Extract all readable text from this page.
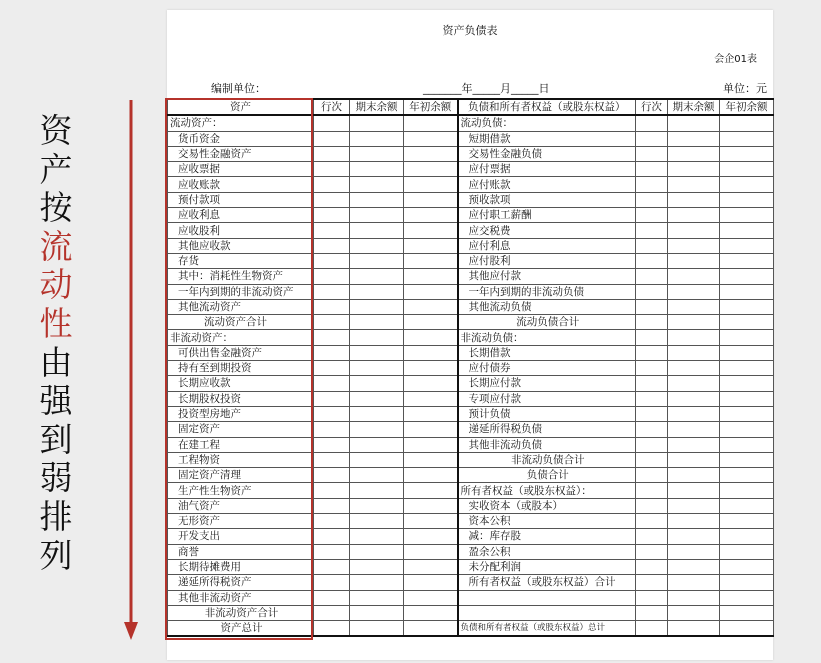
资
产
按
流
动
性
由
强
到
弱
排
列
资产负债表
会企01表
编制单位：	_______年_____月_____日	单位：元
资产	行次	期末余额	年初余额	负债和所有者权益（或股东权益）	行次	期末余额	年初余额
流动资产：				流动负债：			
货币资金				短期借款			
交易性金融资产				交易性金融负债			
应收票据				应付票据			
应收账款				应付账款			
预付款项				预收款项			
应收利息				应付职工薪酬			
应收股利				应交税费			
其他应收款				应付利息			
存货				应付股利			
其中：消耗性生物资产				其他应付款			
一年内到期的非流动资产				一年内到期的非流动负债			
其他流动资产				其他流动负债			
流动资产合计				流动负债合计			
非流动资产：				非流动负债：			
可供出售金融资产				长期借款			
持有至到期投资				应付债券			
长期应收款				长期应付款			
长期股权投资				专项应付款			
投资型房地产				预计负债			
固定资产				递延所得税负债			
在建工程				其他非流动负债			
工程物资				非流动负债合计			
固定资产清理				负债合计			
生产性生物资产				所有者权益（或股东权益）：			
油气资产				实收资本（或股本）			
无形资产				资本公积			
开发支出				减：库存股			
商誉				盈余公积			
长期待摊费用				未分配利润			
递延所得税资产				所有者权益（或股东权益）合计			
其他非流动资产							
非流动资产合计							
资产总计				负债和所有者权益（或股东权益）总计			
